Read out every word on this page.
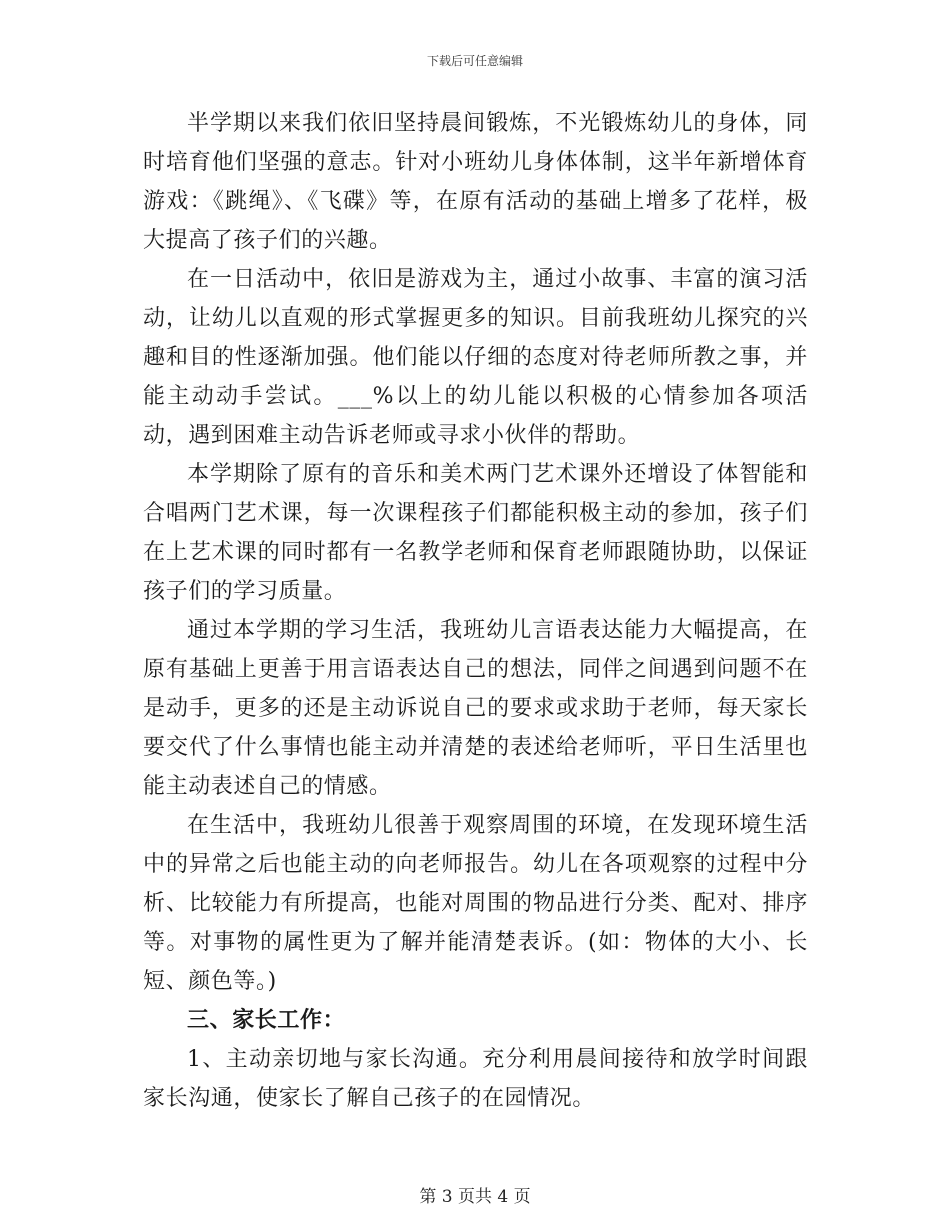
下载后可任意编辑

半学期以来我们依旧坚持晨间锻炼，不光锻炼幼儿的身体，同时培育他们坚强的意志。针对小班幼儿身体体制，这半年新增体育游戏：《跳绳》、《飞碟》等，在原有活动的基础上增多了花样，极大提高了孩子们的兴趣。

在一日活动中，依旧是游戏为主，通过小故事、丰富的演习活动，让幼儿以直观的形式掌握更多的知识。目前我班幼儿探究的兴趣和目的性逐渐加强。他们能以仔细的态度对待老师所教之事，并能主动动手尝试。___%以上的幼儿能以积极的心情参加各项活动，遇到困难主动告诉老师或寻求小伙伴的帮助。

本学期除了原有的音乐和美术两门艺术课外还增设了体智能和合唱两门艺术课，每一次课程孩子们都能积极主动的参加，孩子们在上艺术课的同时都有一名教学老师和保育老师跟随协助，以保证孩子们的学习质量。

通过本学期的学习生活，我班幼儿言语表达能力大幅提高，在原有基础上更善于用言语表达自己的想法，同伴之间遇到问题不在是动手，更多的还是主动诉说自己的要求或求助于老师，每天家长要交代了什么事情也能主动并清楚的表述给老师听，平日生活里也能主动表述自己的情感。

在生活中，我班幼儿很善于观察周围的环境，在发现环境生活中的异常之后也能主动的向老师报告。幼儿在各项观察的过程中分析、比较能力有所提高，也能对周围的物品进行分类、配对、排序等。对事物的属性更为了解并能清楚表诉。(如：物体的大小、长短、颜色等。)

三、家长工作：

1、主动亲切地与家长沟通。充分利用晨间接待和放学时间跟家长沟通，使家长了解自己孩子的在园情况。

第 3 页共 4 页
